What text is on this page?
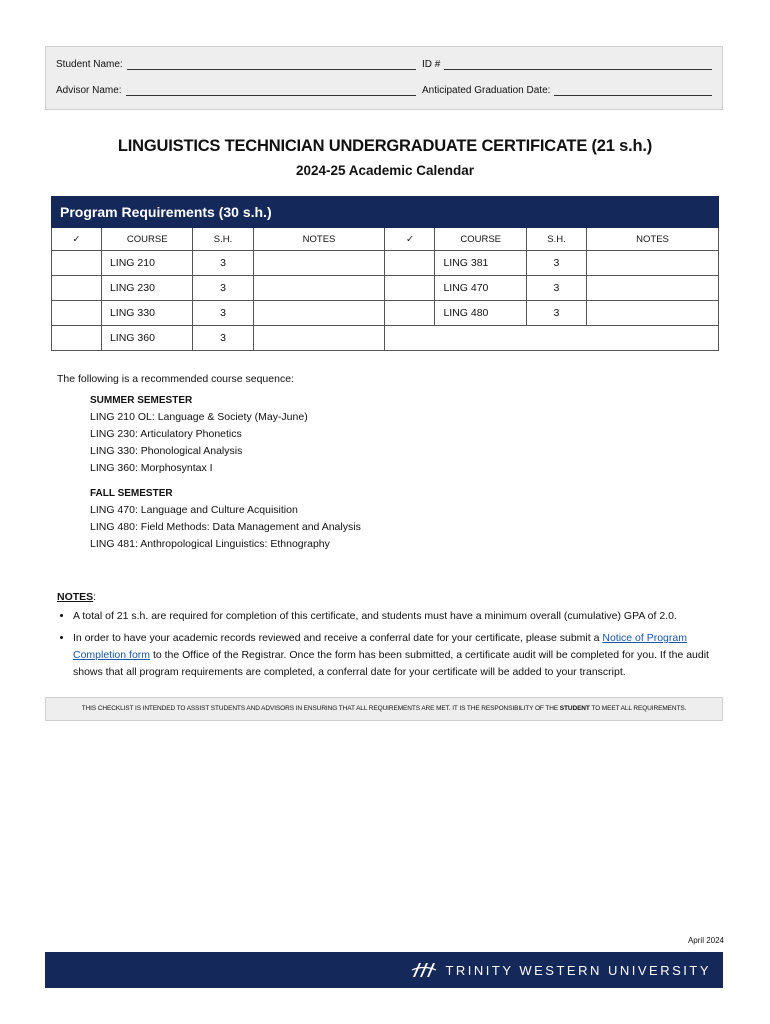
Student Name:	ID #
Advisor Name:	Anticipated Graduation Date:
LINGUISTICS TECHNICIAN UNDERGRADUATE CERTIFICATE (21 s.h.)
2024-25 Academic Calendar
Program Requirements (30 s.h.)							
✓	COURSE	S.H.	NOTES	✓	COURSE	S.H.	NOTES
	LING 210	3			LING 381	3	
	LING 230	3			LING 470	3	
	LING 330	3			LING 480	3	
	LING 360	3					
The following is a recommended course sequence:
SUMMER SEMESTER
LING 210 OL: Language & Society (May-June)
LING 230: Articulatory Phonetics
LING 330: Phonological Analysis
LING 360: Morphosyntax I
FALL SEMESTER
LING 470: Language and Culture Acquisition
LING 480: Field Methods: Data Management and Analysis
LING 481: Anthropological Linguistics: Ethnography
NOTES:
• A total of 21 s.h. are required for completion of this certificate, and students must have a minimum overall (cumulative) GPA of 2.0.
• In order to have your academic records reviewed and receive a conferral date for your certificate, please submit a Notice of Program Completion form to the Office of the Registrar. Once the form has been submitted, a certificate audit will be completed for you. If the audit shows that all program requirements are completed, a conferral date for your certificate will be added to your transcript.
THIS CHECKLIST IS INTENDED TO ASSIST STUDENTS AND ADVISORS IN ENSURING THAT ALL REQUIREMENTS ARE MET. IT IS THE RESPONSIBILITY OF THE STUDENT TO MEET ALL REQUIREMENTS.
April 2024
TRINITY WESTERN UNIVERSITY
